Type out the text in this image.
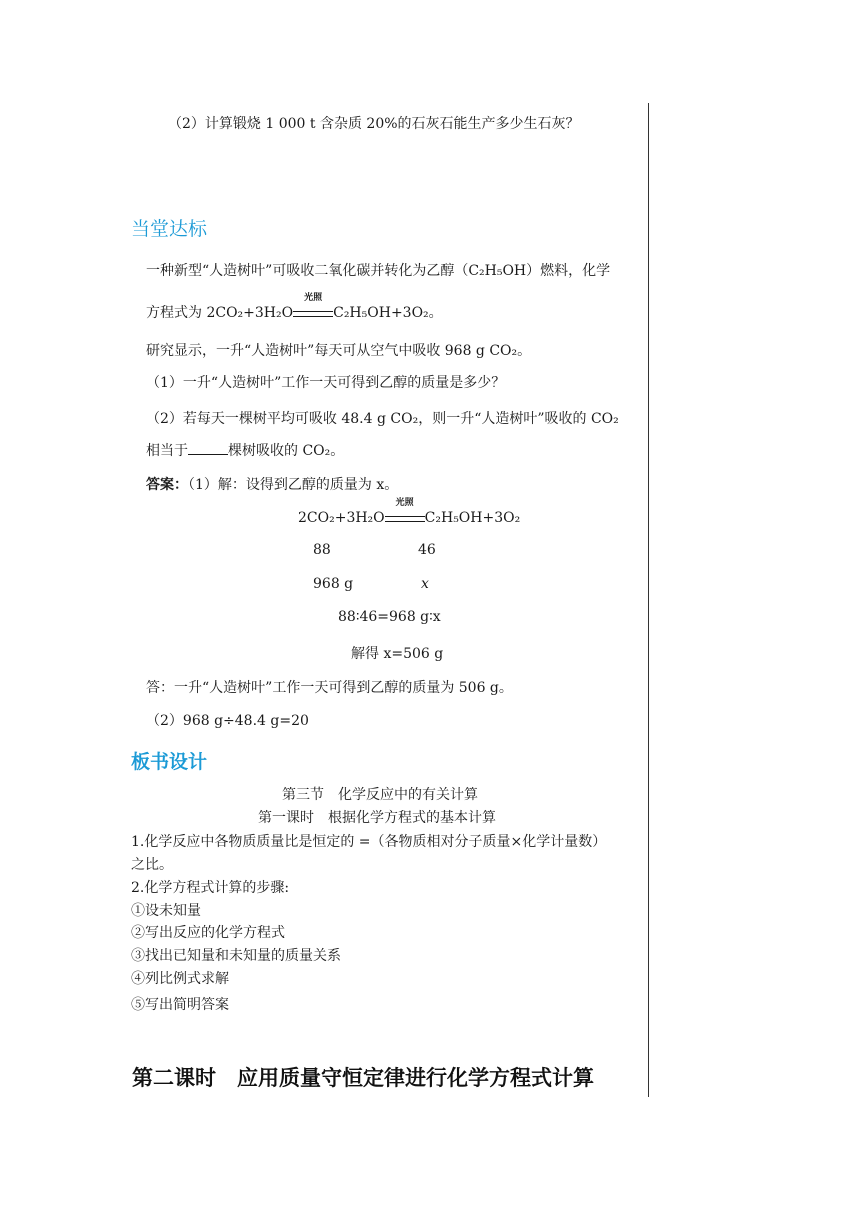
（2）计算锻烧 1 000 t 含杂质 20%的石灰石能生产多少生石灰？
当堂达标
一种新型“人造树叶”可吸收二氧化碳并转化为乙醇（C₂H₅OH）燃料，化学
方程式为 2CO₂+3H₂O
光照
C₂H₅OH+3O₂。
研究显示，一升“人造树叶”每天可从空气中吸收 968 g CO₂。
（1）一升“人造树叶”工作一天可得到乙醇的质量是多少？
（2）若每天一棵树平均可吸收 48.4 g CO₂，则一升“人造树叶”吸收的 CO₂
相当于	棵树吸收的 CO₂。
答案：（1）解：设得到乙醇的质量为 x。
2CO₂+3H₂O
光照
C₂H₅OH+3O₂
88	46
968 g	x
88∶46=968 g∶x
解得 x=506 g
答：一升“人造树叶”工作一天可得到乙醇的质量为 506 g。
（2）968 g÷48.4 g=20
板书设计
第三节　化学反应中的有关计算
第一课时　根据化学方程式的基本计算
1.化学反应中各物质质量比是恒定的 =（各物质相对分子质量×化学计量数）
之比。
2.化学方程式计算的步骤:
①设未知量
②写出反应的化学方程式
③找出已知量和未知量的质量关系
④列比例式求解
⑤写出简明答案
第二课时　应用质量守恒定律进行化学方程式计算
